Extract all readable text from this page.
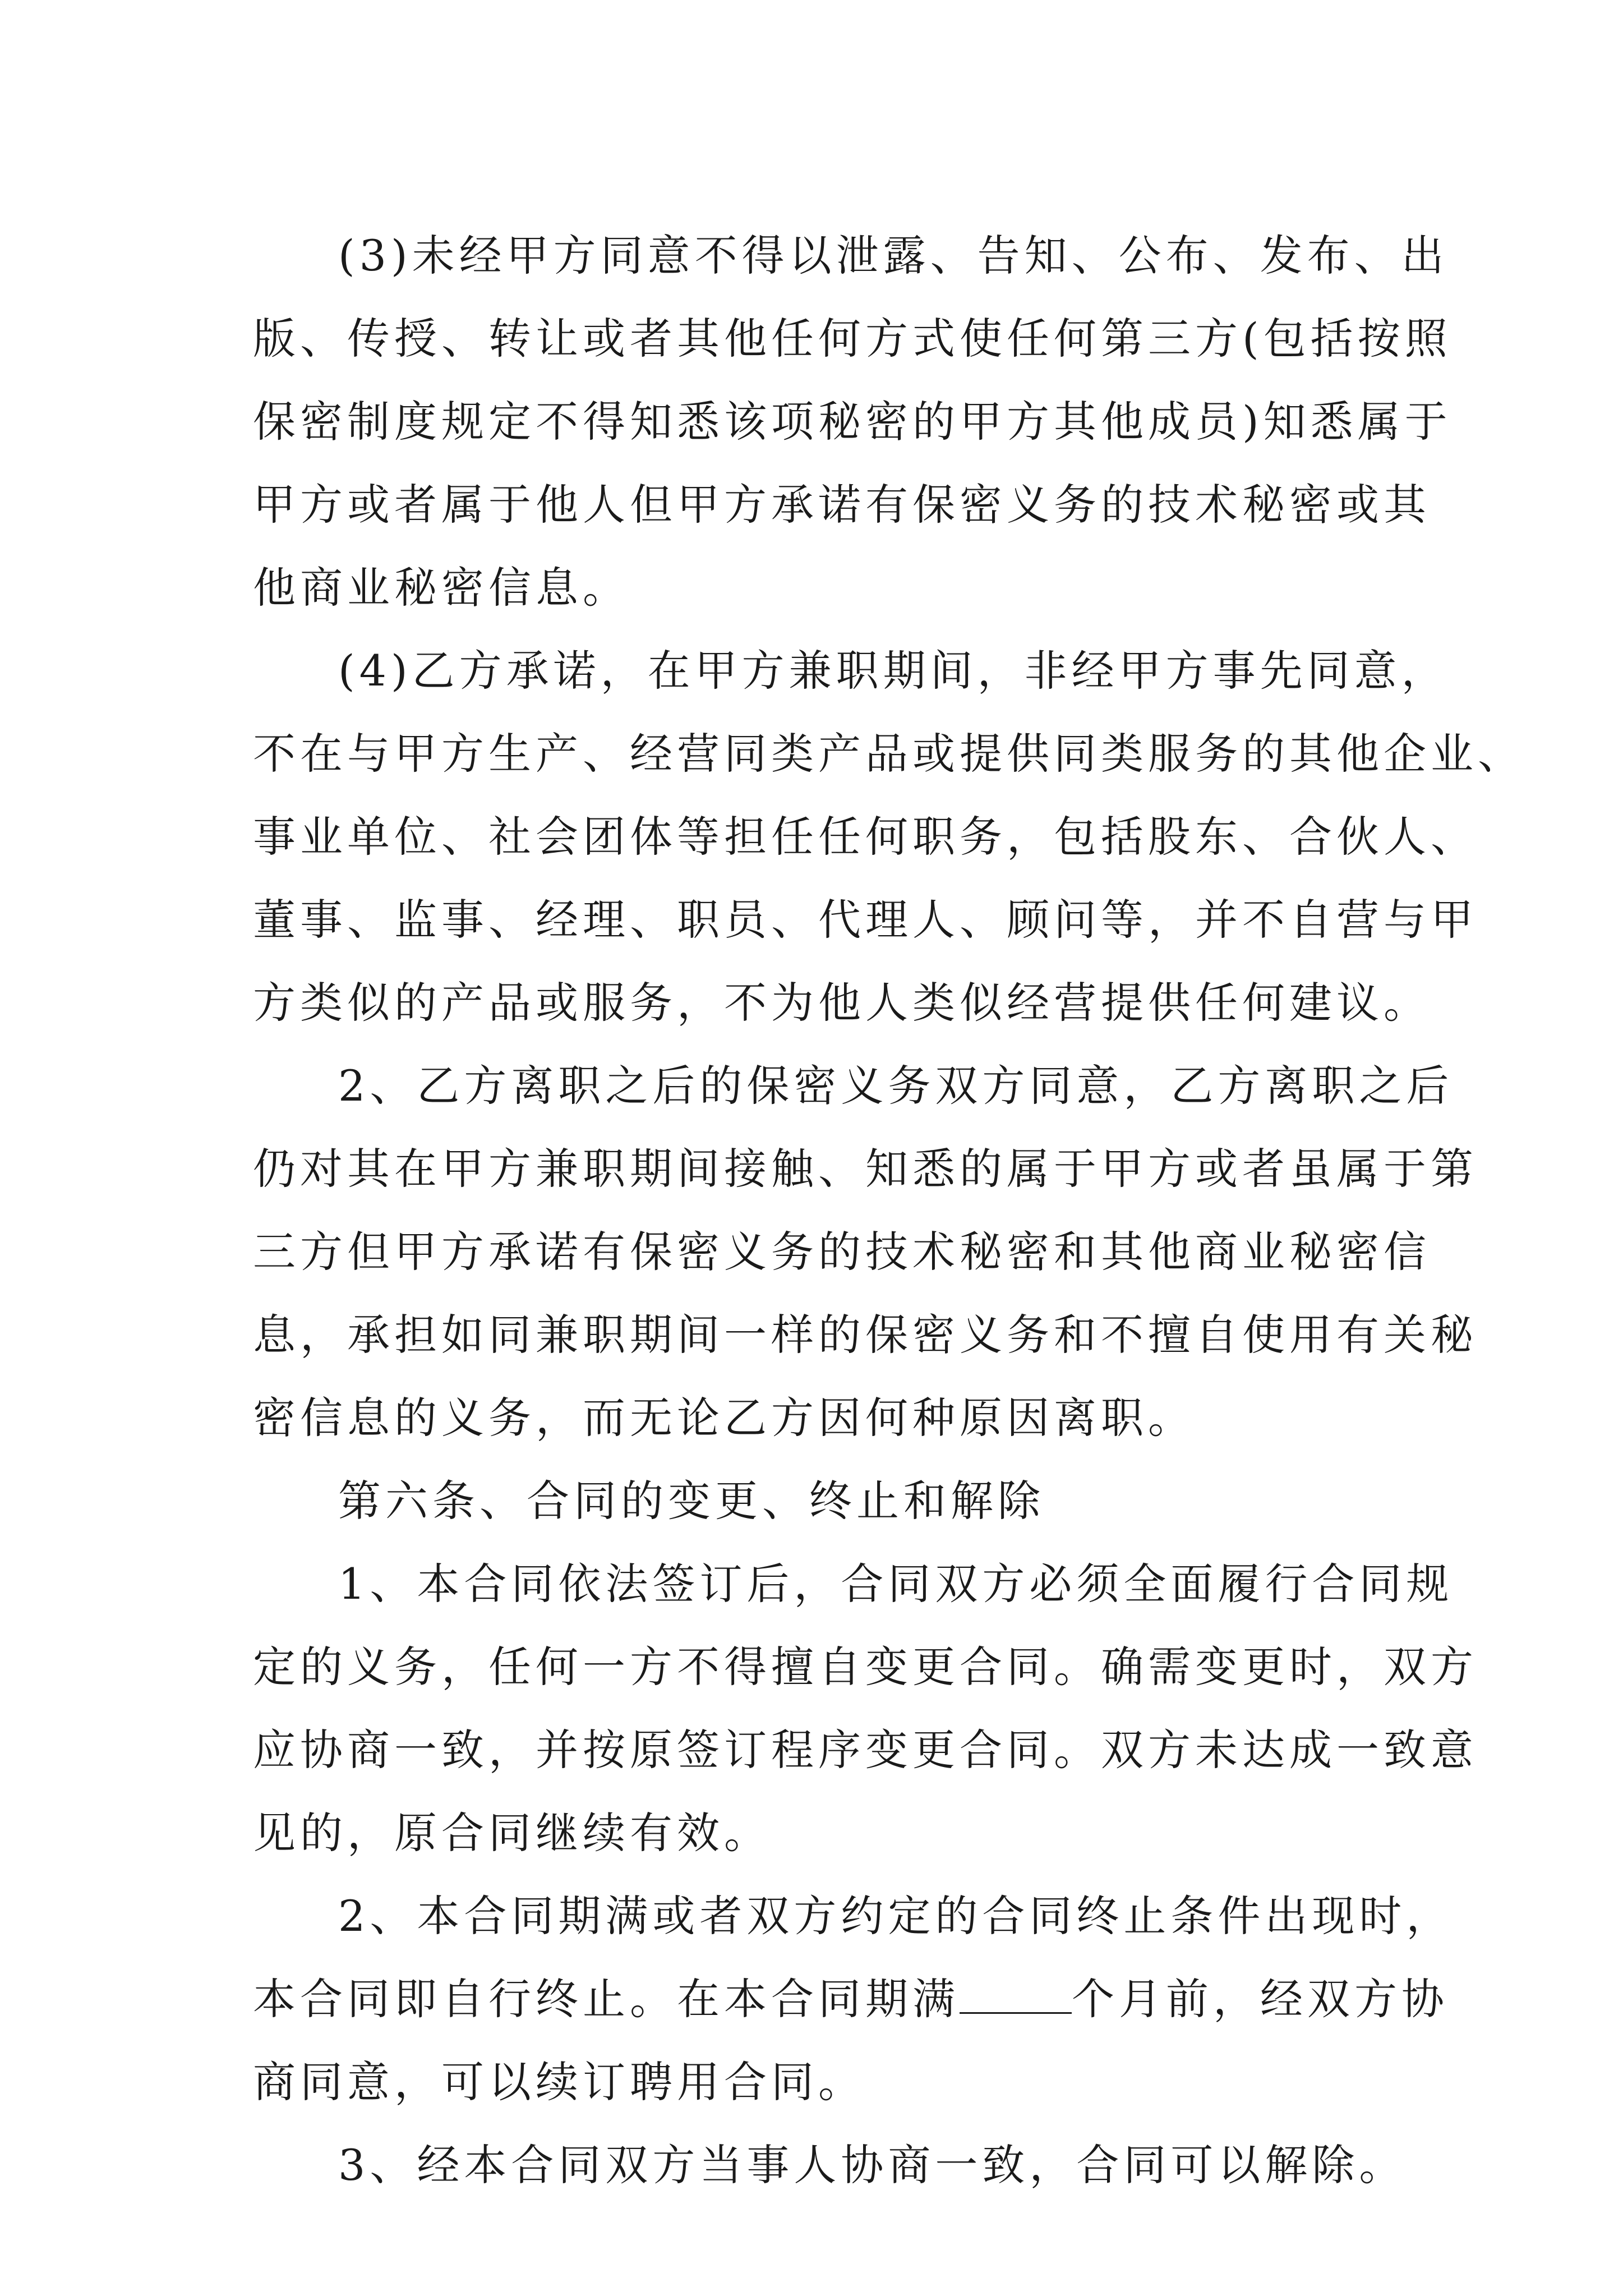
(3)未经甲方同意不得以泄露、告知、公布、发布、出
版、传授、转让或者其他任何方式使任何第三方(包括按照
保密制度规定不得知悉该项秘密的甲方其他成员)知悉属于
甲方或者属于他人但甲方承诺有保密义务的技术秘密或其
他商业秘密信息。

(4)乙方承诺，在甲方兼职期间，非经甲方事先同意，
不在与甲方生产、经营同类产品或提供同类服务的其他企业、
事业单位、社会团体等担任任何职务，包括股东、合伙人、
董事、监事、经理、职员、代理人、顾问等，并不自营与甲
方类似的产品或服务，不为他人类似经营提供任何建议。

2、乙方离职之后的保密义务双方同意，乙方离职之后
仍对其在甲方兼职期间接触、知悉的属于甲方或者虽属于第
三方但甲方承诺有保密义务的技术秘密和其他商业秘密信
息，承担如同兼职期间一样的保密义务和不擅自使用有关秘
密信息的义务，而无论乙方因何种原因离职。

第六条、合同的变更、终止和解除

1、本合同依法签订后，合同双方必须全面履行合同规
定的义务，任何一方不得擅自变更合同。确需变更时，双方
应协商一致，并按原签订程序变更合同。双方未达成一致意
见的，原合同继续有效。

2、本合同期满或者双方约定的合同终止条件出现时，
本合同即自行终止。在本合同期满	个月前，经双方协
商同意，可以续订聘用合同。

3、经本合同双方当事人协商一致，合同可以解除。
